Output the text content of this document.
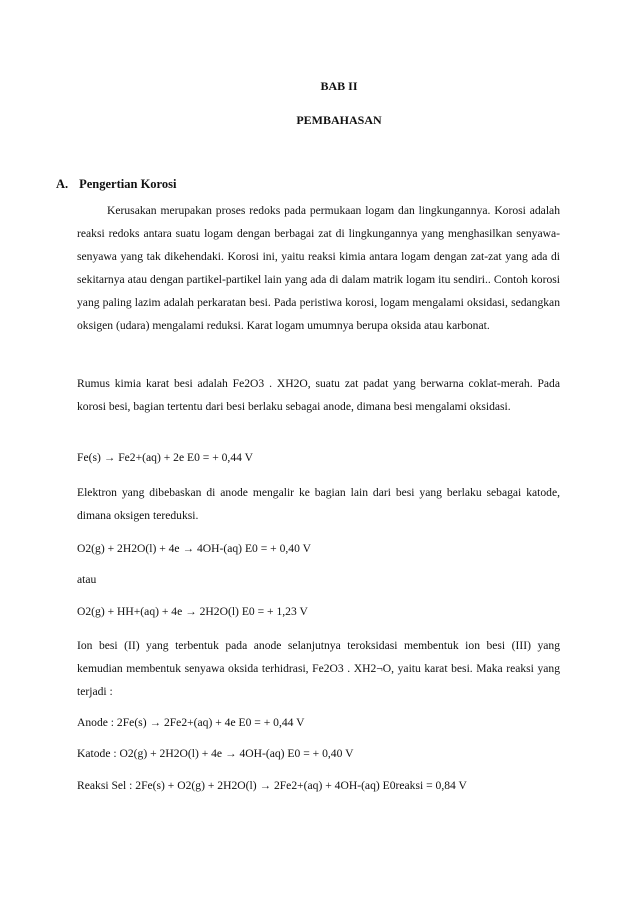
BAB II
PEMBAHASAN
A. Pengertian Korosi

Kerusakan merupakan proses redoks pada permukaan logam dan lingkungannya. Korosi adalah reaksi redoks antara suatu logam dengan berbagai zat di lingkungannya yang menghasilkan senyawa-senyawa yang tak dikehendaki. Korosi ini, yaitu reaksi kimia antara logam dengan zat-zat yang ada di sekitarnya atau dengan partikel-partikel lain yang ada di dalam matrik logam itu sendiri.. Contoh korosi yang paling lazim adalah perkaratan besi. Pada peristiwa korosi, logam mengalami oksidasi, sedangkan oksigen (udara) mengalami reduksi. Karat logam umumnya berupa oksida atau karbonat.

Rumus kimia karat besi adalah Fe2O3 . XH2O, suatu zat padat yang berwarna coklat-merah. Pada korosi besi, bagian tertentu dari besi berlaku sebagai anode, dimana besi mengalami oksidasi.

Fe(s) → Fe2+(aq) + 2e E0 = + 0,44 V

Elektron yang dibebaskan di anode mengalir ke bagian lain dari besi yang berlaku sebagai katode, dimana oksigen tereduksi.

O2(g) + 2H2O(l) + 4e → 4OH-(aq) E0 = + 0,40 V
atau
O2(g) + HH+(aq) + 4e → 2H2O(l) E0 = + 1,23 V

Ion besi (II) yang terbentuk pada anode selanjutnya teroksidasi membentuk ion besi (III) yang kemudian membentuk senyawa oksida terhidrasi, Fe2O3 . XH2¬O, yaitu karat besi. Maka reaksi yang terjadi :

Anode : 2Fe(s) → 2Fe2+(aq) + 4e E0 = + 0,44 V
Katode : O2(g) + 2H2O(l) + 4e → 4OH-(aq) E0 = + 0,40 V
Reaksi Sel : 2Fe(s) + O2(g) + 2H2O(l) → 2Fe2+(aq) + 4OH-(aq) E0reaksi = 0,84 V
